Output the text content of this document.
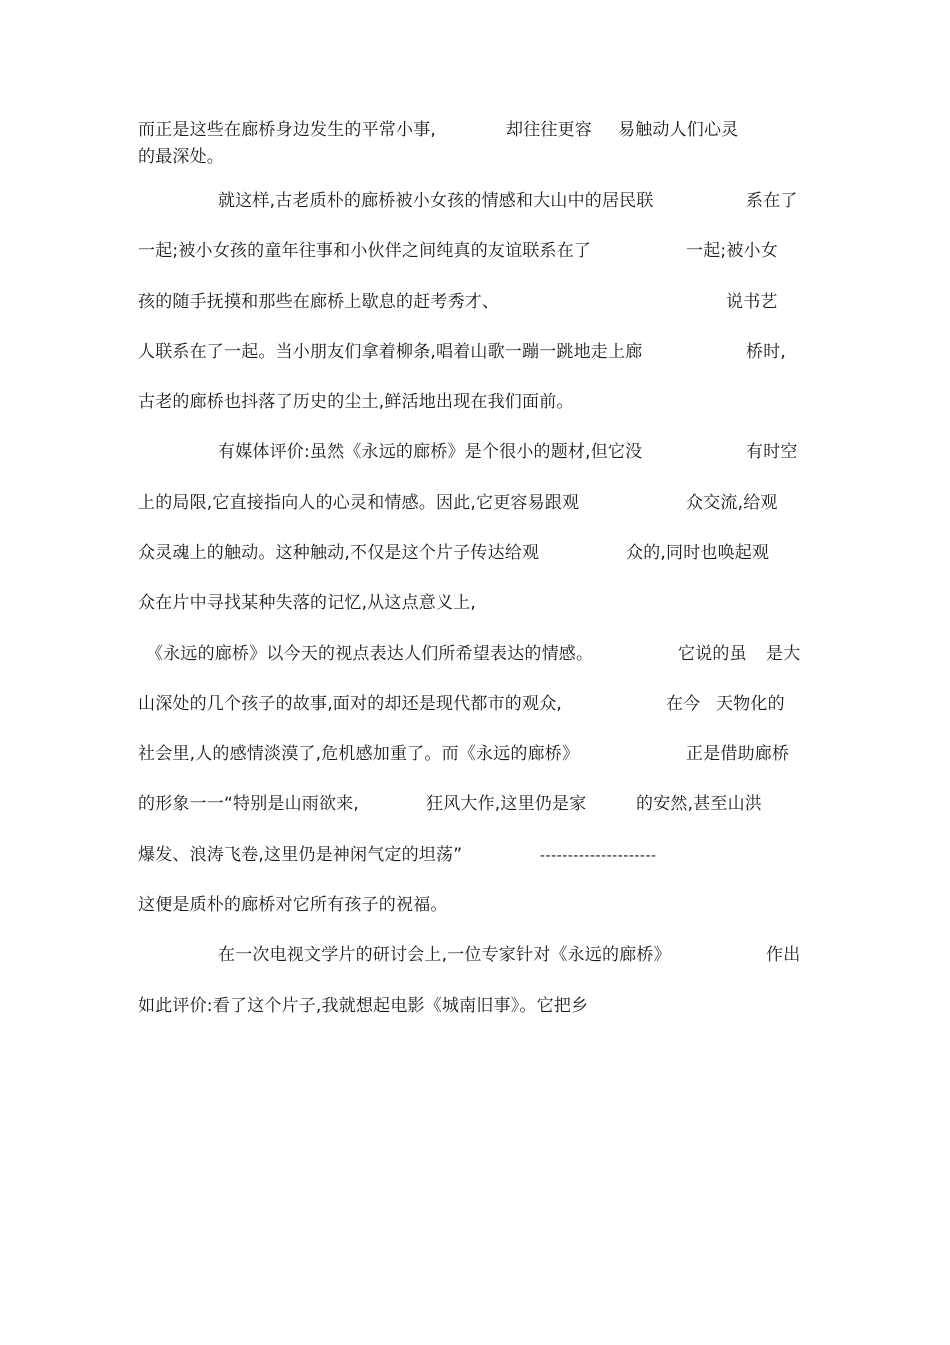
而正是这些在廊桥身边发生的平常小事,	却往往更容 易触动人们心灵
的最深处。
就这样,古老质朴的廊桥被小女孩的情感和大山中的居民联	系在了
一起;被小女孩的童年往事和小伙伴之间纯真的友谊联系在了	一起;被小女
孩的随手抚摸和那些在廊桥上歇息的赶考秀才、	说书艺
人联系在了一起。当小朋友们拿着柳条,唱着山歌一蹦一跳地走上廊	桥时,
古老的廊桥也抖落了历史的尘土,鲜活地出现在我们面前。
有媒体评价:虽然《永远的廊桥》是个很小的题材,但它没	有时空
上的局限,它直接指向人的心灵和情感。因此,它更容易跟观	众交流,给观
众灵魂上的触动。这种触动,不仅是这个片子传达给观	众的,同时也唤起观
众在片中寻找某种失落的记忆,从这点意义上,
《永远的廊桥》以今天的视点表达人们所希望表达的情感。	它说的虽 是大
山深处的几个孩子的故事,面对的却还是现代都市的观众,	在今 天物化的
社会里,人的感情淡漠了,危机感加重了。而《永远的廊桥》	正是借助廊桥
的形象一一“特别是山雨欲来,	狂风大作,这里仍是家	的安然,甚至山洪
爆发、浪涛飞卷,这里仍是神闲气定的坦荡”	---------------------
这便是质朴的廊桥对它所有孩子的祝福。
在一次电视文学片的研讨会上,一位专家针对《永远的廊桥》	作出
如此评价:看了这个片子,我就想起电影《城南旧事》。它把乡
